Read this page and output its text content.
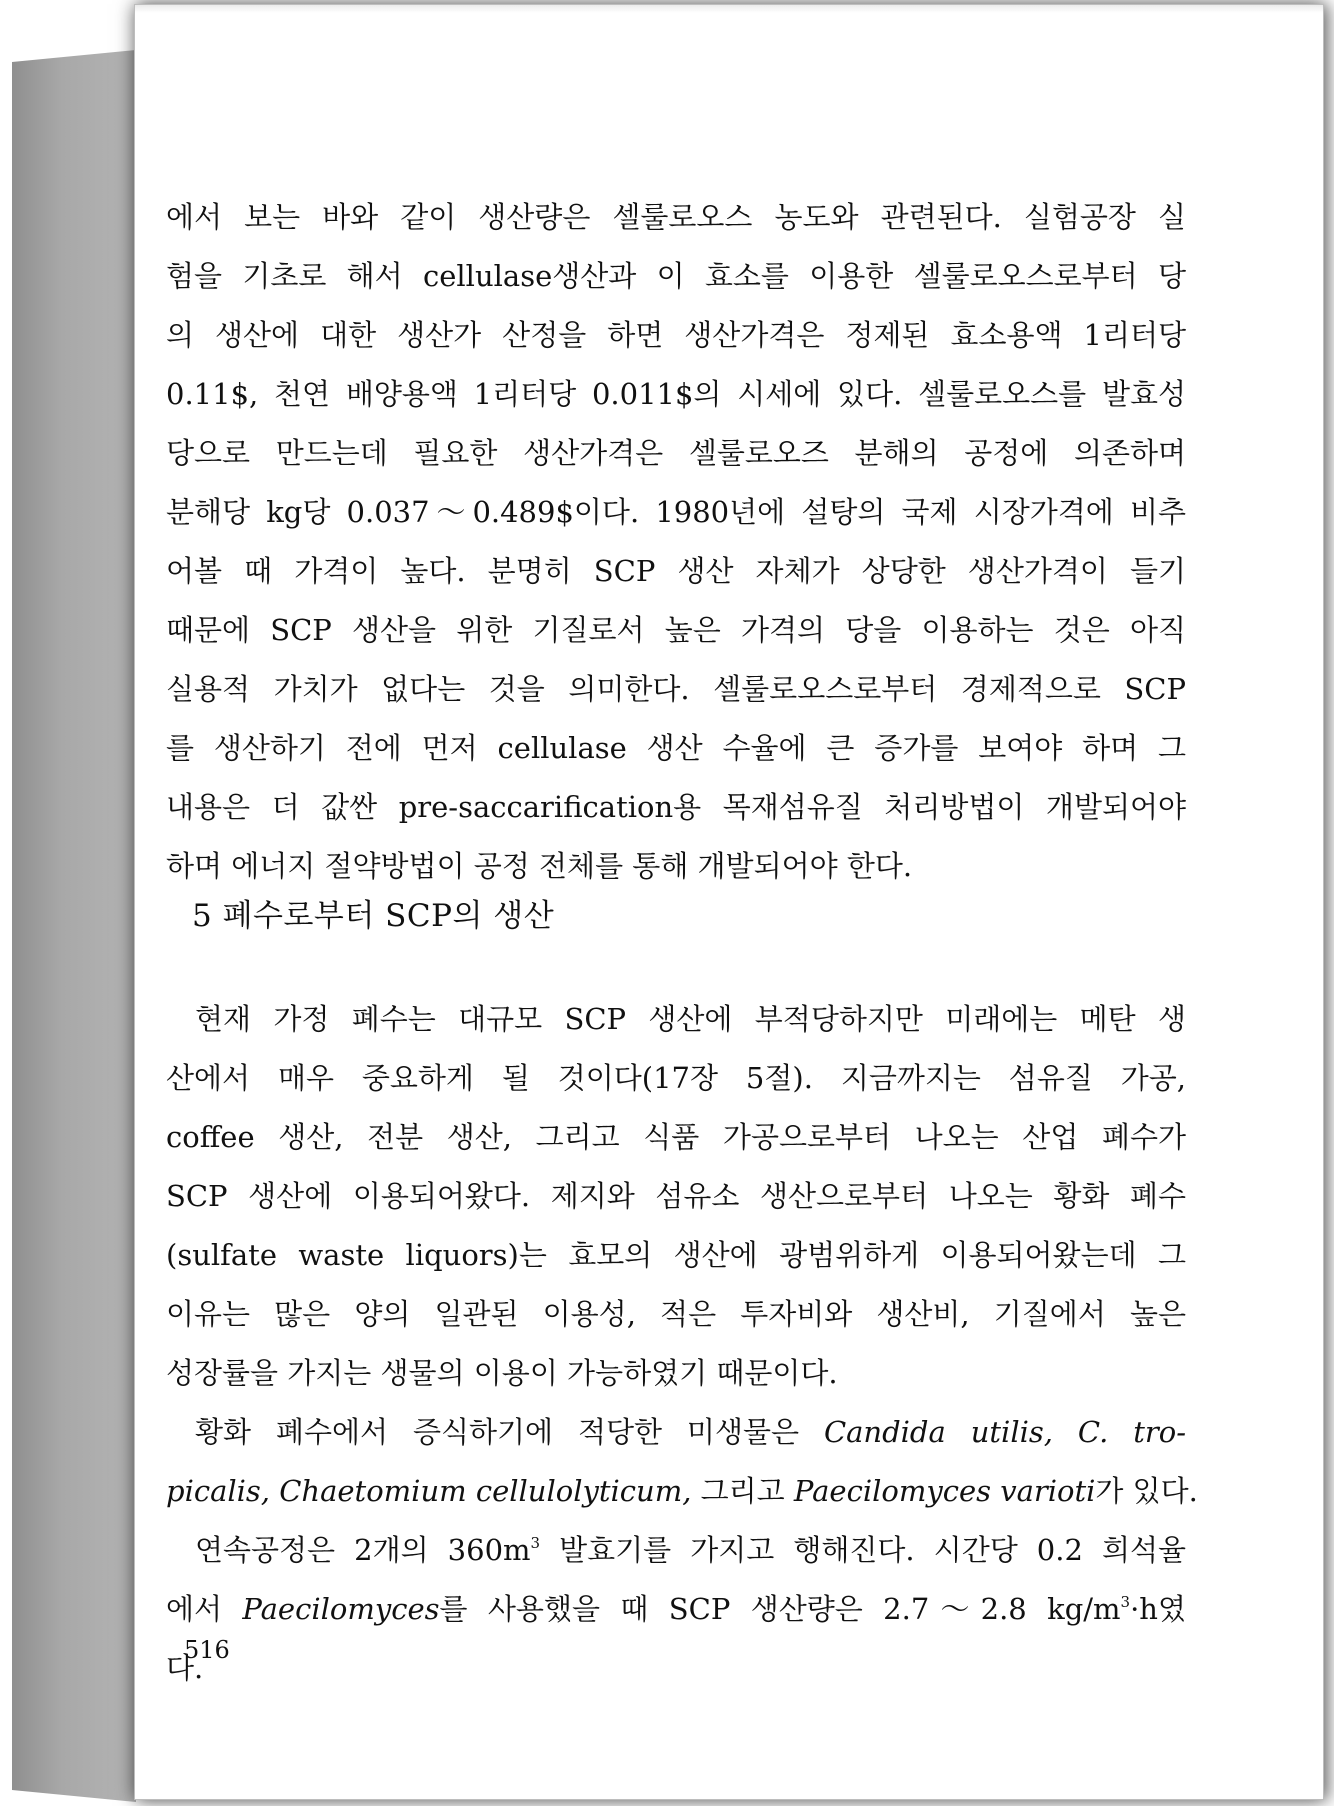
에서 보는 바와 같이 생산량은 셀룰로오스 농도와 관련된다. 실험공장 실
험을 기초로 해서 cellulase생산과 이 효소를 이용한 셀룰로오스로부터 당
의 생산에 대한 생산가 산정을 하면 생산가격은 정제된 효소용액 1리터당
0.11$, 천연 배양용액 1리터당 0.011$의 시세에 있다. 셀룰로오스를 발효성
당으로 만드는데 필요한 생산가격은 셀룰로오즈 분해의 공정에 의존하며
분해당 kg당 0.037～0.489$이다. 1980년에 설탕의 국제 시장가격에 비추
어볼 때 가격이 높다. 분명히 SCP 생산 자체가 상당한 생산가격이 들기
때문에 SCP 생산을 위한 기질로서 높은 가격의 당을 이용하는 것은 아직
실용적 가치가 없다는 것을 의미한다. 셀룰로오스로부터 경제적으로 SCP
를 생산하기 전에 먼저 cellulase 생산 수율에 큰 증가를 보여야 하며 그
내용은 더 값싼 pre-saccarification용 목재섬유질 처리방법이 개발되어야
하며 에너지 절약방법이 공정 전체를 통해 개발되어야 한다.
5 폐수로부터 SCP의 생산
현재 가정 폐수는 대규모 SCP 생산에 부적당하지만 미래에는 메탄 생
산에서 매우 중요하게 될 것이다(17장 5절). 지금까지는 섬유질 가공,
coffee 생산, 전분 생산, 그리고 식품 가공으로부터 나오는 산업 폐수가
SCP 생산에 이용되어왔다. 제지와 섬유소 생산으로부터 나오는 황화 폐수
(sulfate waste liquors)는 효모의 생산에 광범위하게 이용되어왔는데 그
이유는 많은 양의 일관된 이용성, 적은 투자비와 생산비, 기질에서 높은
성장률을 가지는 생물의 이용이 가능하였기 때문이다.
황화 폐수에서 증식하기에 적당한 미생물은 Candida utilis, C. tro-
picalis, Chaetomium cellulolyticum, 그리고 Paecilomyces varioti가 있다.
연속공정은 2개의 $360m^3$ 발효기를 가지고 행해진다. 시간당 0.2 희석율
에서 Paecilomyces를 사용했을 때 SCP 생산량은 2.7～2.8 $kg/m^3\cdot h$였
다.
516
